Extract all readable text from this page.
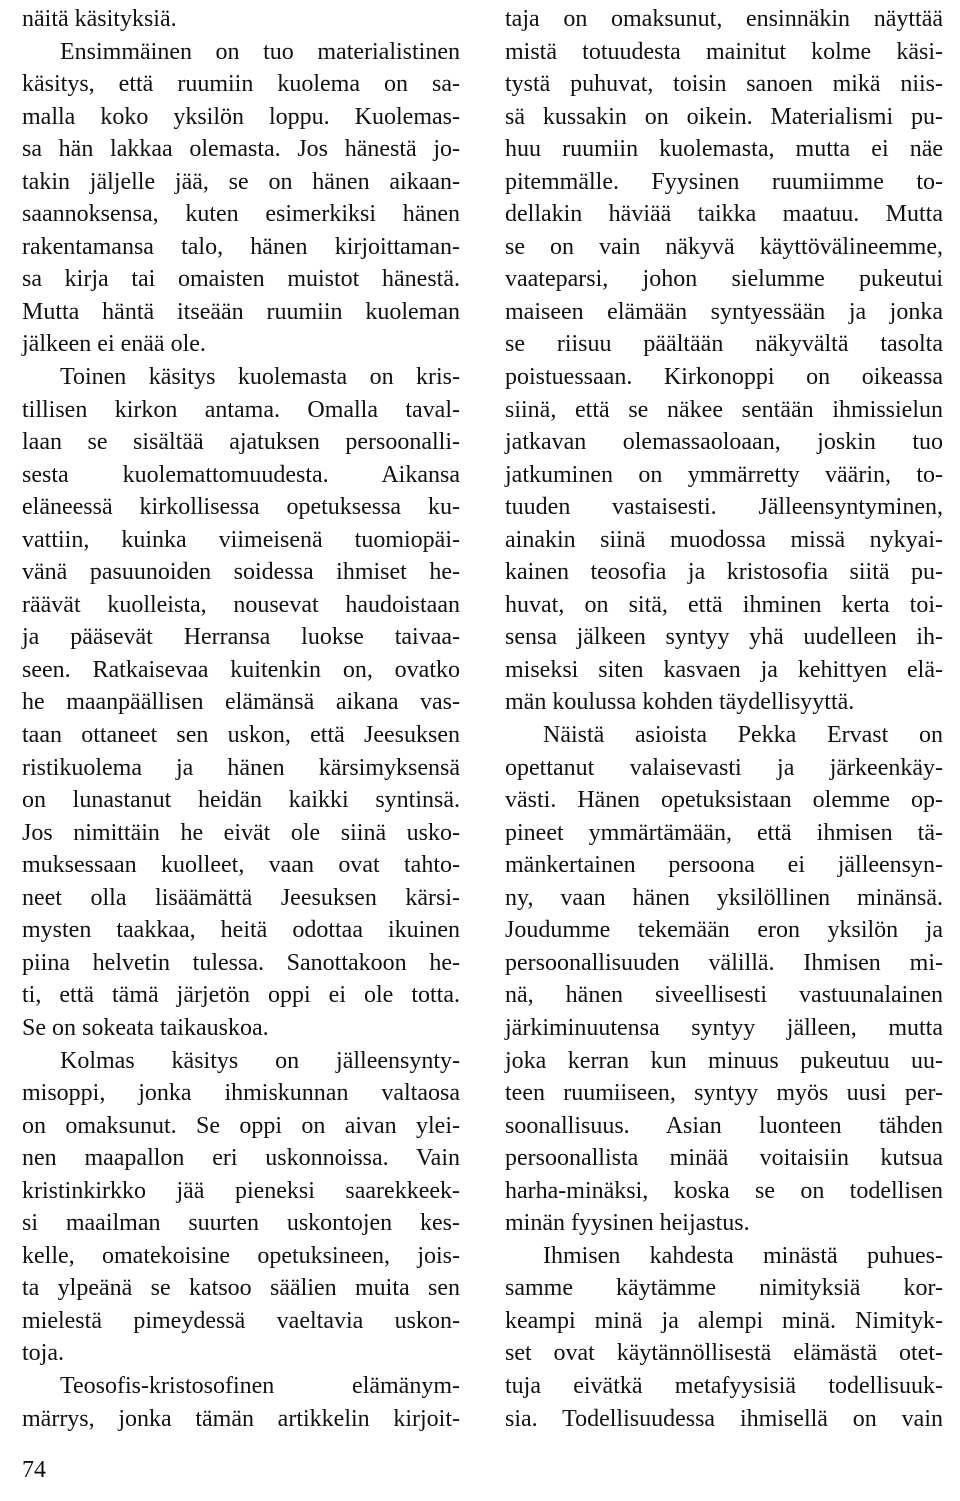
näitä käsityksiä.
Ensimmäinen on tuo materialistinen
käsitys, että ruumiin kuolema on sa-
malla koko yksilön loppu. Kuolemas-
sa hän lakkaa olemasta. Jos hänestä jo-
takin jäljelle jää, se on hänen aikaan-
saannoksensa, kuten esimerkiksi hänen
rakentamansa talo, hänen kirjoittaman-
sa kirja tai omaisten muistot hänestä.
Mutta häntä itseään ruumiin kuoleman
jälkeen ei enää ole.
Toinen käsitys kuolemasta on kris-
tillisen kirkon antama. Omalla taval-
laan se sisältää ajatuksen persoonalli-
sesta kuolemattomuudesta. Aikansa
eläneessä kirkollisessa opetuksessa ku-
vattiin, kuinka viimeisenä tuomiopäi-
vänä pasuunoiden soidessa ihmiset he-
räävät kuolleista, nousevat haudoistaan
ja pääsevät Herransa luokse taivaa-
seen. Ratkaisevaa kuitenkin on, ovatko
he maanpäällisen elämänsä aikana vas-
taan ottaneet sen uskon, että Jeesuksen
ristikuolema ja hänen kärsimyksensä
on lunastanut heidän kaikki syntinsä.
Jos nimittäin he eivät ole siinä usko-
muksessaan kuolleet, vaan ovat tahto-
neet olla lisäämättä Jeesuksen kärsi-
mysten taakkaa, heitä odottaa ikuinen
piina helvetin tulessa. Sanottakoon he-
ti, että tämä järjetön oppi ei ole totta.
Se on sokeata taikauskoa.
Kolmas käsitys on jälleensynty-
misoppi, jonka ihmiskunnan valtaosa
on omaksunut. Se oppi on aivan ylei-
nen maapallon eri uskonnoissa. Vain
kristinkirkko jää pieneksi saarekkeek-
si maailman suurten uskontojen kes-
kelle, omatekoisine opetuksineen, jois-
ta ylpeänä se katsoo säälien muita sen
mielestä pimeydessä vaeltavia uskon-
toja.
Teosofis-kristosofinen elämänym-
märrys, jonka tämän artikkelin kirjoit-
taja on omaksunut, ensinnäkin näyttää
mistä totuudesta mainitut kolme käsi-
tystä puhuvat, toisin sanoen mikä niis-
sä kussakin on oikein. Materialismi pu-
huu ruumiin kuolemasta, mutta ei näe
pitemmälle. Fyysinen ruumiimme to-
dellakin häviää taikka maatuu. Mutta
se on vain näkyvä käyttövälineemme,
vaateparsi, johon sielumme pukeutui
maiseen elämään syntyessään ja jonka
se riisuu päältään näkyvältä tasolta
poistuessaan. Kirkonoppi on oikeassa
siinä, että se näkee sentään ihmissielun
jatkavan olemassaoloaan, joskin tuo
jatkuminen on ymmärretty väärin, to-
tuuden vastaisesti. Jälleensyntyminen,
ainakin siinä muodossa missä nykyai-
kainen teosofia ja kristosofia siitä pu-
huvat, on sitä, että ihminen kerta toi-
sensa jälkeen syntyy yhä uudelleen ih-
miseksi siten kasvaen ja kehittyen elä-
män koulussa kohden täydellisyyttä.
Näistä asioista Pekka Ervast on
opettanut valaisevasti ja järkeenkäy-
västi. Hänen opetuksistaan olemme op-
pineet ymmärtämään, että ihmisen tä-
mänkertainen persoona ei jälleensyn-
ny, vaan hänen yksilöllinen minänsä.
Joudumme tekemään eron yksilön ja
persoonallisuuden välillä. Ihmisen mi-
nä, hänen siveellisesti vastuunalainen
järkiminuutensa syntyy jälleen, mutta
joka kerran kun minuus pukeutuu uu-
teen ruumiiseen, syntyy myös uusi per-
soonallisuus. Asian luonteen tähden
persoonallista minää voitaisiin kutsua
harha-minäksi, koska se on todellisen
minän fyysinen heijastus.
Ihmisen kahdesta minästä puhues-
samme käytämme nimityksiä kor-
keampi minä ja alempi minä. Nimityk-
set ovat käytännöllisestä elämästä otet-
tuja eivätkä metafyysisiä todellisuuk-
sia. Todellisuudessa ihmisellä on vain
74
